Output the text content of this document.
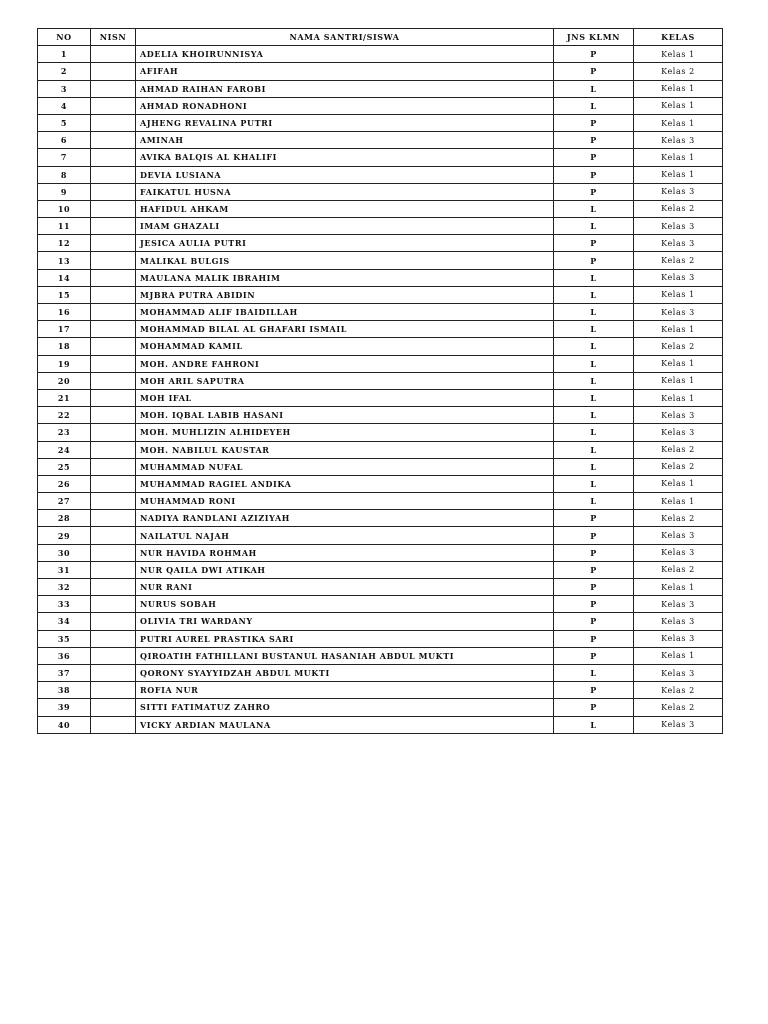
NO	NISN	NAMA SANTRI/SISWA	JNS KLMN	KELAS
1		ADELIA KHOIRUNNISYA	P	Kelas 1
2		AFIFAH	P	Kelas 2
3		AHMAD RAIHAN FAROBI	L	Kelas 1
4		AHMAD RONADHONI	L	Kelas 1
5		AJHENG REVALINA PUTRI	P	Kelas 1
6		AMINAH	P	Kelas 3
7		AVIKA BALQIS AL KHALIFI	P	Kelas 1
8		DEVIA LUSIANA	P	Kelas 1
9		FAIKATUL HUSNA	P	Kelas 3
10		HAFIDUL AHKAM	L	Kelas 2
11		IMAM GHAZALI	L	Kelas 3
12		JESICA AULIA PUTRI	P	Kelas 3
13		MALIKAL BULGIS	P	Kelas 2
14		MAULANA MALIK IBRAHIM	L	Kelas 3
15		MJBRA PUTRA ABIDIN	L	Kelas 1
16		MOHAMMAD ALIF IBAIDILLAH	L	Kelas 3
17		MOHAMMAD BILAL AL GHAFARI ISMAIL	L	Kelas 1
18		MOHAMMAD KAMIL	L	Kelas 2
19		MOH. ANDRE FAHRONI	L	Kelas 1
20		MOH ARIL SAPUTRA	L	Kelas 1
21		MOH IFAL	L	Kelas 1
22		MOH. IQBAL LABIB HASANI	L	Kelas 3
23		MOH. MUHLIZIN ALHIDEYEH	L	Kelas 3
24		MOH. NABILUL KAUSTAR	L	Kelas 2
25		MUHAMMAD NUFAL	L	Kelas 2
26		MUHAMMAD RAGIEL ANDIKA	L	Kelas 1
27		MUHAMMAD RONI	L	Kelas 1
28		NADIYA RANDLANI AZIZIYAH	P	Kelas 2
29		NAILATUL NAJAH	P	Kelas 3
30		NUR HAVIDA ROHMAH	P	Kelas 3
31		NUR QAILA DWI ATIKAH	P	Kelas 2
32		NUR RANI	P	Kelas 1
33		NURUS SOBAH	P	Kelas 3
34		OLIVIA TRI WARDANY	P	Kelas 3
35		PUTRI AUREL PRASTIKA SARI	P	Kelas 3
36		QIROATIH FATHILLANI BUSTANUL HASANIAH ABDUL MUKTI	P	Kelas 1
37		QORONY SYAYYIDZAH ABDUL MUKTI	L	Kelas 3
38		ROFIA NUR	P	Kelas 2
39		SITTI FATIMATUZ ZAHRO	P	Kelas 2
40		VICKY ARDIAN MAULANA	L	Kelas 3
